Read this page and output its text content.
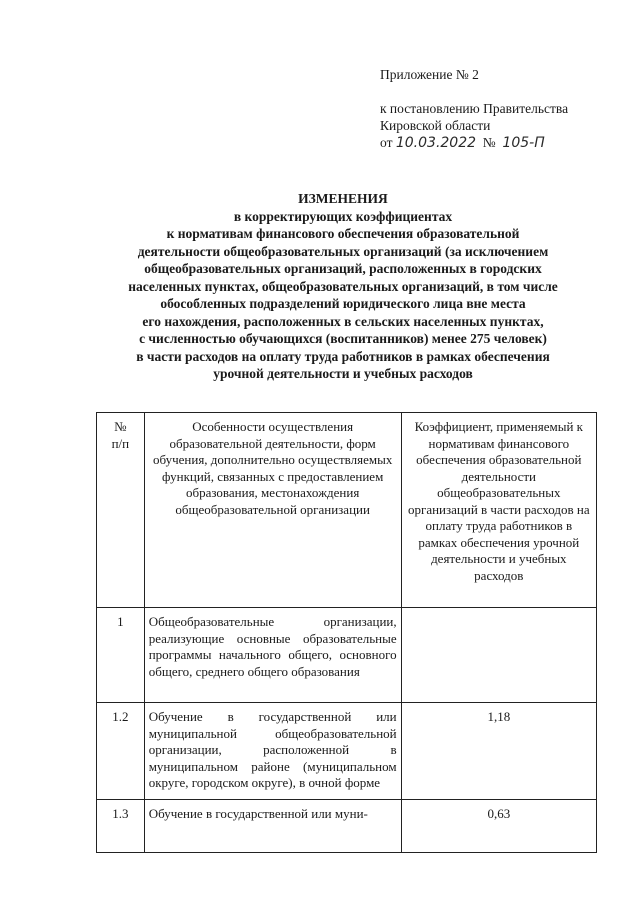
Приложение № 2
к постановлению Правительства
Кировской области
от 10.03.2022 № 105-П
ИЗМЕНЕНИЯ
в корректирующих коэффициентах
к нормативам финансового обеспечения образовательной
деятельности общеобразовательных организаций (за исключением
общеобразовательных организаций, расположенных в городских
населенных пунктах, общеобразовательных организаций, в том числе
обособленных подразделений юридического лица вне места
его нахождения, расположенных в сельских населенных пунктах,
с численностью обучающихся (воспитанников) менее 275 человек)
в части расходов на оплату труда работников в рамках обеспечения
урочной деятельности и учебных расходов
№
п/п	Особенности осуществления образовательной деятельности, форм обучения, дополнительно осуществляемых функций, связанных с предоставлением образования, местонахождения общеобразовательной организации	Коэффициент, применяемый к нормативам финансового обеспечения образовательной деятельности общеобразовательных организаций в части расходов на оплату труда работников в рамках обеспечения урочной деятельности и учебных расходов
1	Общеобразовательные организации, реализующие основные образовательные программы начального общего, основного общего, среднего общего образования	
1.2	Обучение в государственной или муниципальной общеобразовательной организации, расположенной в муниципальном районе (муниципальном округе, городском округе), в очной форме	1,18
1.3	Обучение в государственной или муни-	0,63
